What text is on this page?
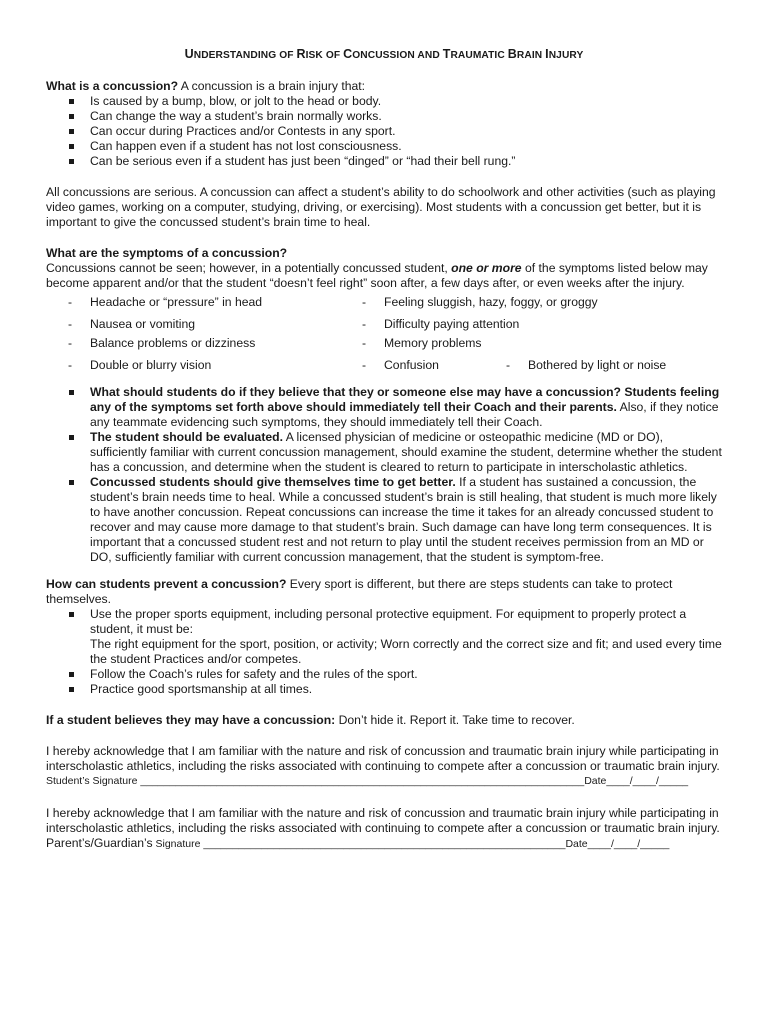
UNDERSTANDING OF RISK OF CONCUSSION AND TRAUMATIC BRAIN INJURY

What is a concussion? A concussion is a brain injury that:

Is caused by a bump, blow, or jolt to the head or body.
Can change the way a student’s brain normally works.
Can occur during Practices and/or Contests in any sport.
Can happen even if a student has not lost consciousness.
Can be serious even if a student has just been “dinged” or “had their bell rung.”

All concussions are serious. A concussion can affect a student’s ability to do schoolwork and other activities (such as playing video games, working on a computer, studying, driving, or exercising). Most students with a concussion get better, but it is important to give the concussed student’s brain time to heal.

What are the symptoms of a concussion?

Concussions cannot be seen; however, in a potentially concussed student, one or more of the symptoms listed below may become apparent and/or that the student “doesn’t feel right” soon after, a few days after, or even weeks after the injury.

-	Headache or “pressure” in head	-	Feeling sluggish, hazy, foggy, or groggy
-	Nausea or vomiting	-	Difficulty paying attention
-	Balance problems or dizziness	-	Memory problems
-	Double or blurry vision	-	Confusion	-	Bothered by light or noise
What should students do if they believe that they or someone else may have a concussion? Students feeling any of the symptoms set forth above should immediately tell their Coach and their parents. Also, if they notice any teammate evidencing such symptoms, they should immediately tell their Coach.
The student should be evaluated. A licensed physician of medicine or osteopathic medicine (MD or DO), sufficiently familiar with current concussion management, should examine the student, determine whether the student has a concussion, and determine when the student is cleared to return to participate in interscholastic athletics.
Concussed students should give themselves time to get better. If a student has sustained a concussion, the student’s brain needs time to heal. While a concussed student’s brain is still healing, that student is much more likely to have another concussion. Repeat concussions can increase the time it takes for an already concussed student to recover and may cause more damage to that student’s brain. Such damage can have long term consequences. It is important that a concussed student rest and not return to play until the student receives permission from an MD or DO, sufficiently familiar with current concussion management, that the student is symptom-free.

How can students prevent a concussion? Every sport is different, but there are steps students can take to protect themselves.

Use the proper sports equipment, including personal protective equipment. For equipment to properly protect a student, it must be:
The right equipment for the sport, position, or activity; Worn correctly and the correct size and fit; and used every time the student Practices and/or competes.
Follow the Coach’s rules for safety and the rules of the sport.
Practice good sportsmanship at all times.

If a student believes they may have a concussion: Don’t hide it. Report it. Take time to recover.

I hereby acknowledge that I am familiar with the nature and risk of concussion and traumatic brain injury while participating in interscholastic athletics, including the risks associated with continuing to compete after a concussion or traumatic brain injury.

Student’s Signature ____________________________________________________________________________Date____/____/_____

I hereby acknowledge that I am familiar with the nature and risk of concussion and traumatic brain injury while participating in interscholastic athletics, including the risks associated with continuing to compete after a concussion or traumatic brain injury.

Parent’s/Guardian’s Signature ______________________________________________________________Date____/____/_____
